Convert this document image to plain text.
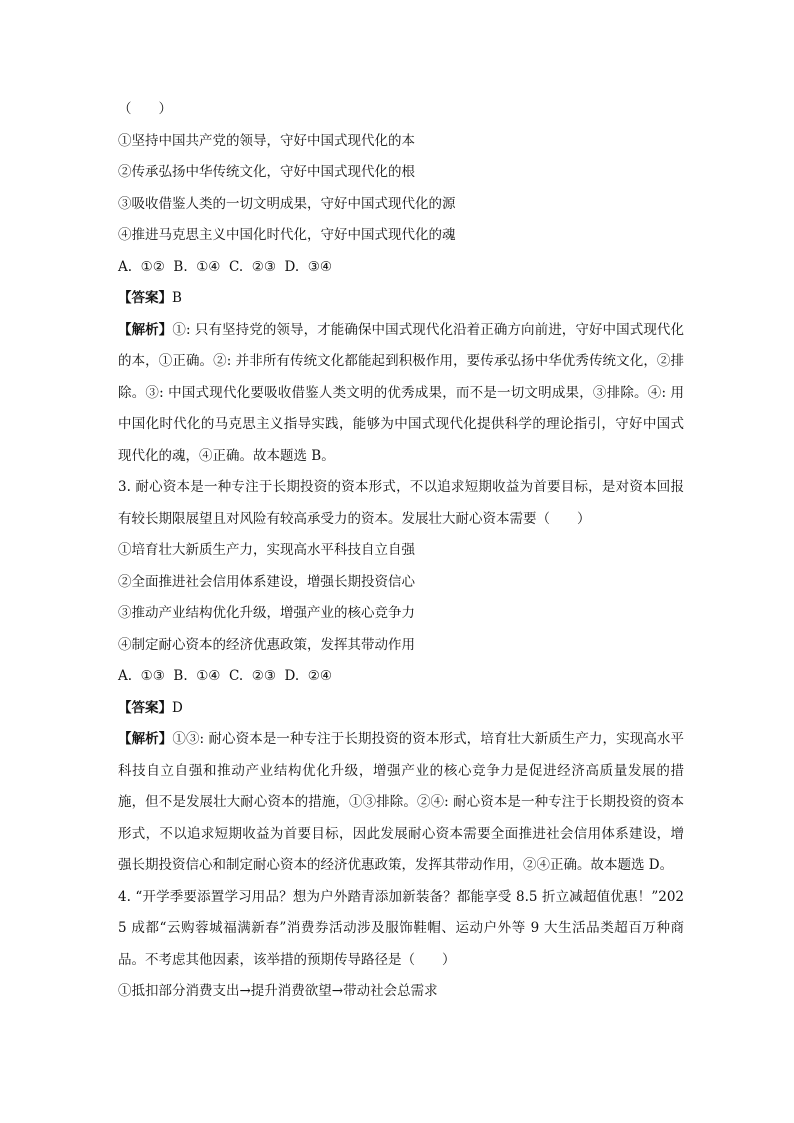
（　　）
①坚持中国共产党的领导，守好中国式现代化的本
②传承弘扬中华传统文化，守好中国式现代化的根
③吸收借鉴人类的一切文明成果，守好中国式现代化的源
④推进马克思主义中国化时代化，守好中国式现代化的魂
A.  ①②  B.  ①④  C.  ②③  D.  ③④
【答案】B
【解析】①: 只有坚持党的领导，才能确保中国式现代化沿着正确方向前进，守好中国式现代化的本，①正确。②: 并非所有传统文化都能起到积极作用，要传承弘扬中华优秀传统文化，②排除。③: 中国式现代化要吸收借鉴人类文明的优秀成果，而不是一切文明成果，③排除。④: 用中国化时代化的马克思主义指导实践，能够为中国式现代化提供科学的理论指引，守好中国式现代化的魂，④正确。故本题选 B。
3. 耐心资本是一种专注于长期投资的资本形式，不以追求短期收益为首要目标，是对资本回报有较长期限展望且对风险有较高承受力的资本。发展壮大耐心资本需要（　　）
①培育壮大新质生产力，实现高水平科技自立自强
②全面推进社会信用体系建设，增强长期投资信心
③推动产业结构优化升级，增强产业的核心竞争力
④制定耐心资本的经济优惠政策，发挥其带动作用
A.  ①③  B.  ①④  C.  ②③  D.  ②④
【答案】D
【解析】①③: 耐心资本是一种专注于长期投资的资本形式，培育壮大新质生产力，实现高水平科技自立自强和推动产业结构优化升级，增强产业的核心竞争力是促进经济高质量发展的措施，但不是发展壮大耐心资本的措施，①③排除。②④: 耐心资本是一种专注于长期投资的资本形式，不以追求短期收益为首要目标，因此发展耐心资本需要全面推进社会信用体系建设，增强长期投资信心和制定耐心资本的经济优惠政策，发挥其带动作用，②④正确。故本题选 D。
4. “开学季要添置学习用品？想为户外踏青添加新装备？都能享受 8.5 折立减超值优惠！”2025 成都“云购蓉城福满新春”消费券活动涉及服饰鞋帽、运动户外等 9 大生活品类超百万种商品。不考虑其他因素，该举措的预期传导路径是（　　）
①抵扣部分消费支出→提升消费欲望→带动社会总需求
